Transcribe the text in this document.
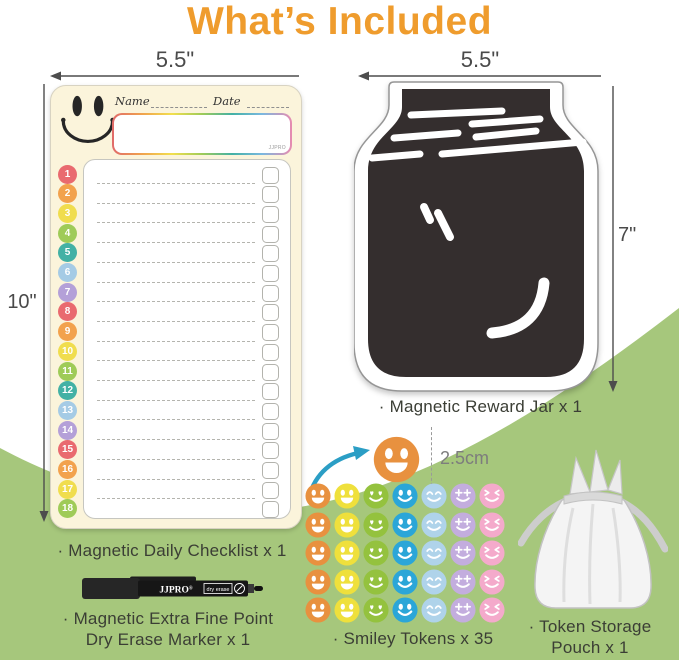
What’s Included
5.5"	5.5"
10"
7"
Name	Date
JJPRO
1
2
3
4
5
6
7
8
9
10
11
12
13
14
15
16
17
18
· Magnetic Reward Jar x 1
· Magnetic Daily Checklist x 1
· Magnetic Extra Fine Point
Dry Erase Marker x 1	· Smiley Tokens x 35
· Token Storage
Pouch x 1
2.5cm
JJPRO®	dry erase
